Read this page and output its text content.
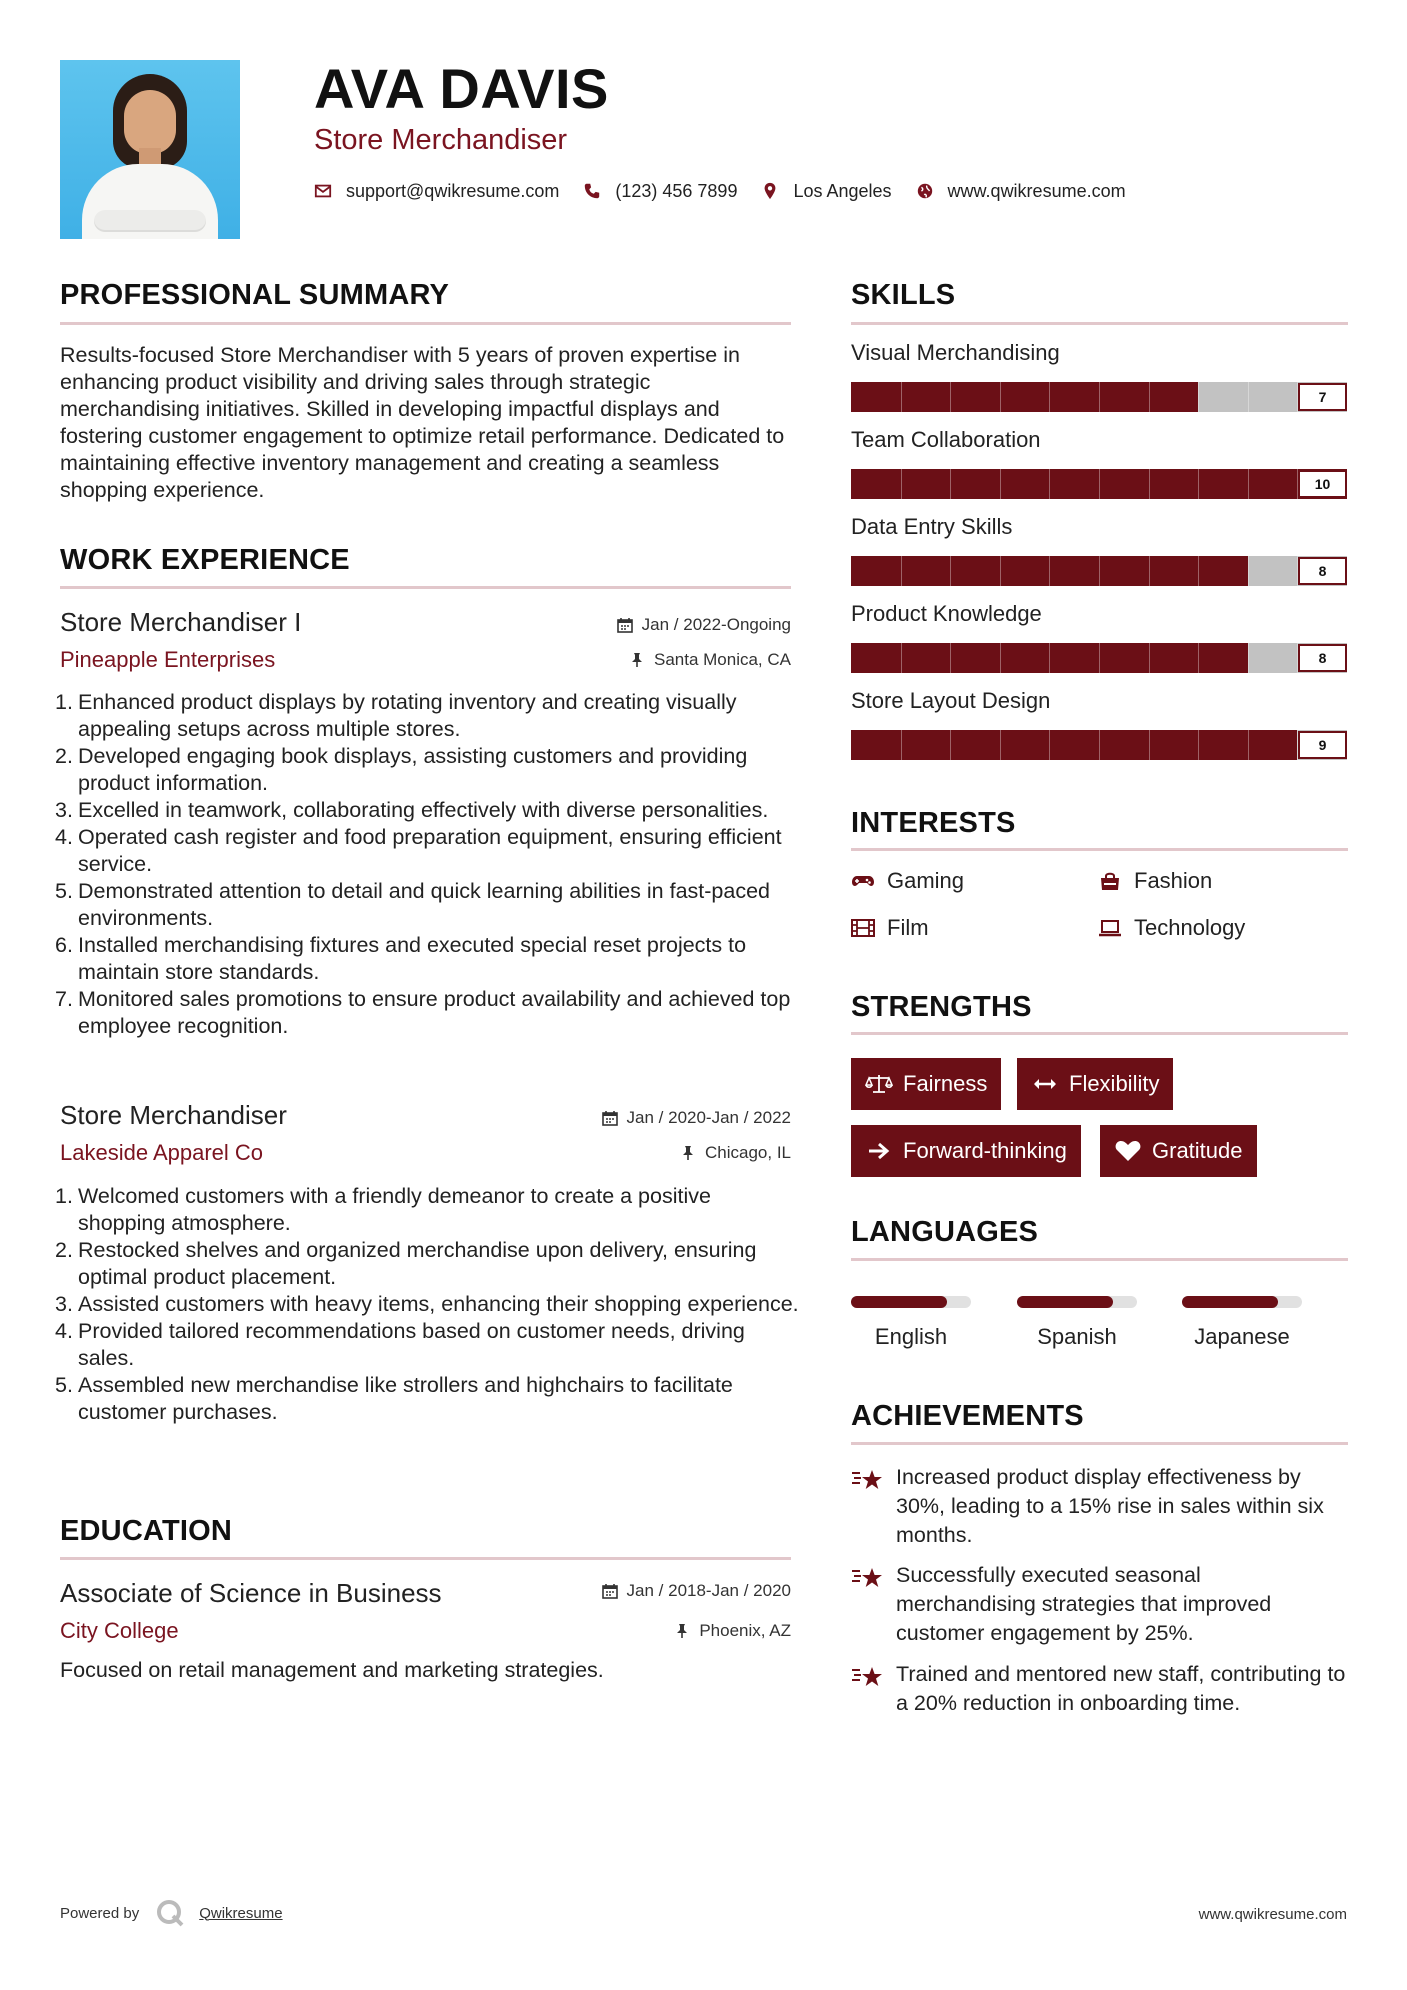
AVA DAVIS
Store Merchandiser
support@qwikresume.com	(123) 456 7899	Los Angeles	www.qwikresume.com
PROFESSIONAL SUMMARY
Results-focused Store Merchandiser with 5 years of proven expertise in enhancing product visibility and driving sales through strategic merchandising initiatives. Skilled in developing impactful displays and fostering customer engagement to optimize retail performance. Dedicated to maintaining effective inventory management and creating a seamless shopping experience.
WORK EXPERIENCE
Store Merchandiser I	Jan / 2022-Ongoing
Pineapple Enterprises	Santa Monica, CA
1. Enhanced product displays by rotating inventory and creating visually appealing setups across multiple stores.
2. Developed engaging book displays, assisting customers and providing product information.
3. Excelled in teamwork, collaborating effectively with diverse personalities.
4. Operated cash register and food preparation equipment, ensuring efficient service.
5. Demonstrated attention to detail and quick learning abilities in fast-paced environments.
6. Installed merchandising fixtures and executed special reset projects to maintain store standards.
7. Monitored sales promotions to ensure product availability and achieved top employee recognition.
Store Merchandiser	Jan / 2020-Jan / 2022
Lakeside Apparel Co	Chicago, IL
1. Welcomed customers with a friendly demeanor to create a positive shopping atmosphere.
2. Restocked shelves and organized merchandise upon delivery, ensuring optimal product placement.
3. Assisted customers with heavy items, enhancing their shopping experience.
4. Provided tailored recommendations based on customer needs, driving sales.
5. Assembled new merchandise like strollers and highchairs to facilitate customer purchases.
EDUCATION
Associate of Science in Business	Jan / 2018-Jan / 2020
City College	Phoenix, AZ
Focused on retail management and marketing strategies.
SKILLS
Visual Merchandising
7
Team Collaboration
10
Data Entry Skills
8
Product Knowledge
8
Store Layout Design
9
INTERESTS
Gaming	Fashion
Film	Technology
STRENGTHS
Fairness	Flexibility
Forward-thinking	Gratitude
LANGUAGES
English	Spanish	Japanese
ACHIEVEMENTS
Increased product display effectiveness by 30%, leading to a 15% rise in sales within six months.
Successfully executed seasonal merchandising strategies that improved customer engagement by 25%.
Trained and mentored new staff, contributing to a 20% reduction in onboarding time.
Powered by	Qwikresume	www.qwikresume.com
